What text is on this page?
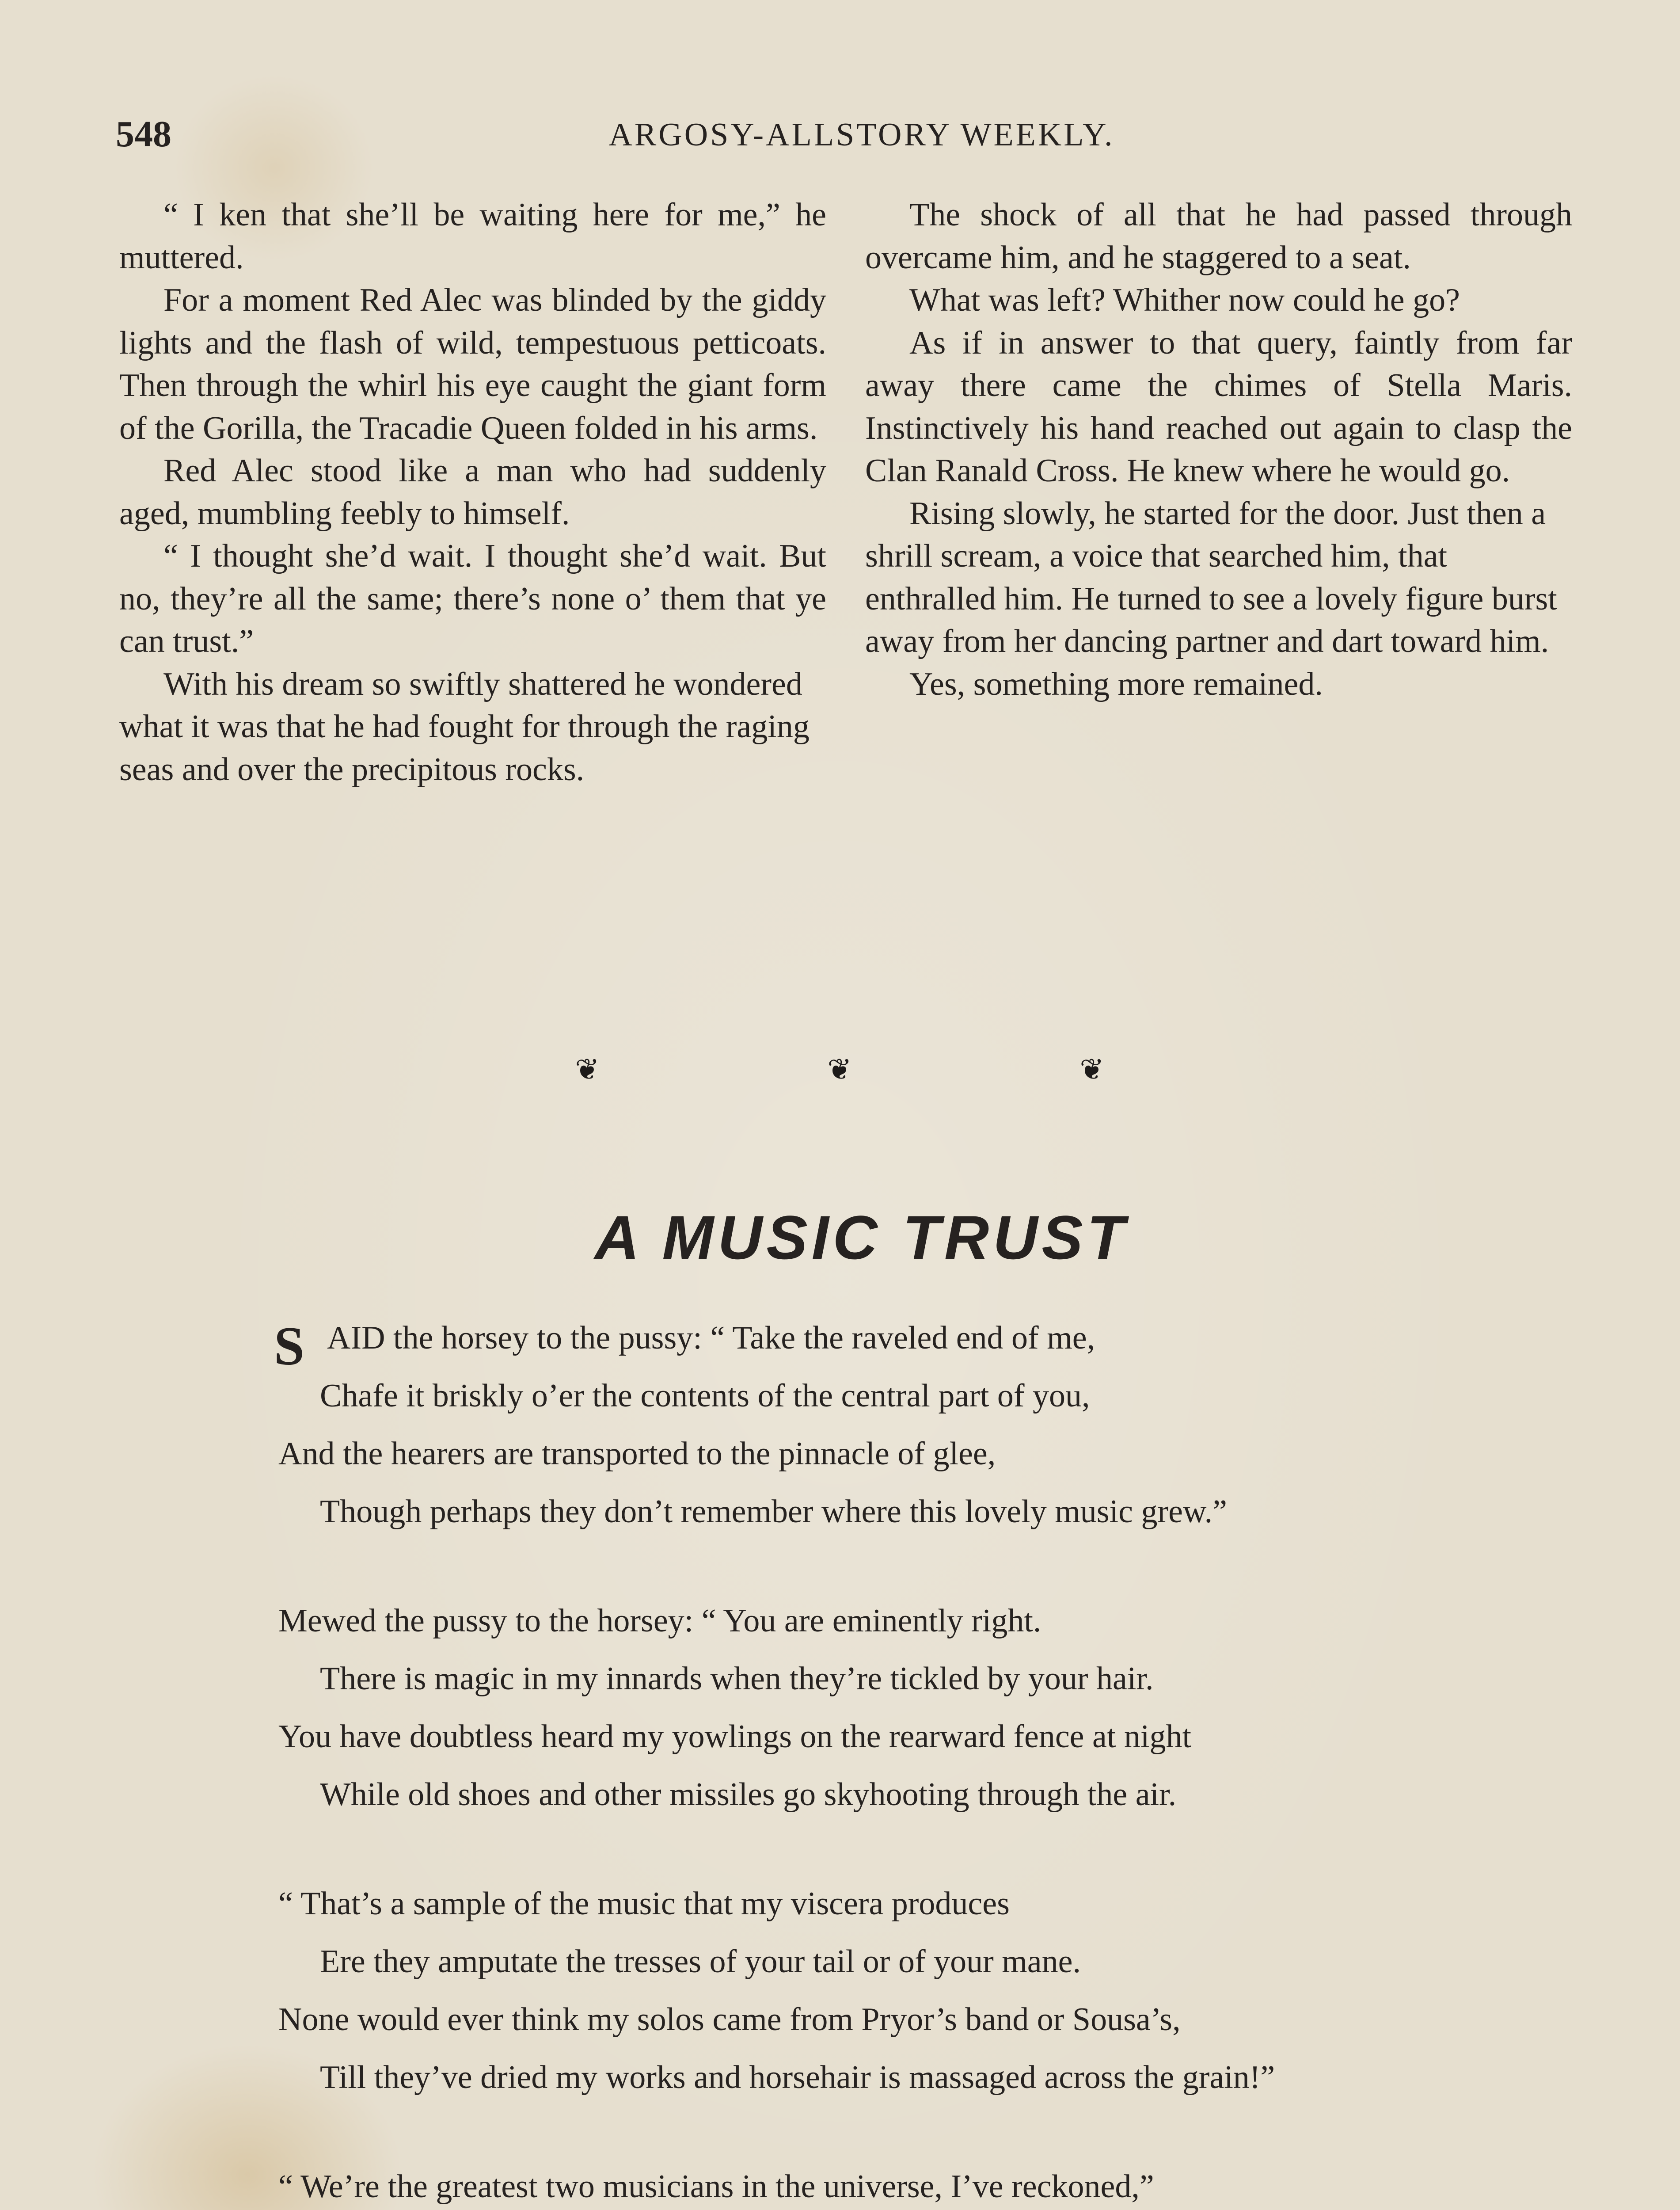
548	ARGOSY-ALLSTORY WEEKLY.

“ I ken that she’ll be waiting here for me,” he muttered.

For a moment Red Alec was blinded by the giddy lights and the flash of wild, tempestuous petticoats. Then through the whirl his eye caught the giant form of the Gorilla, the Tracadie Queen folded in his arms.

Red Alec stood like a man who had suddenly aged, mumbling feebly to himself.

“ I thought she’d wait. I thought she’d wait. But no, they’re all the same; there’s none o’ them that ye can trust.”

With his dream so swiftly shattered he wondered what it was that he had fought for through the raging seas and over the precipitous rocks.

The shock of all that he had passed through overcame him, and he staggered to a seat.

What was left? Whither now could he go?

As if in answer to that query, faintly from far away there came the chimes of Stella Maris. Instinctively his hand reached out again to clasp the Clan Ranald Cross. He knew where he would go.

Rising slowly, he started for the door. Just then a shrill scream, a voice that searched him, that enthralled him. He turned to see a lovely figure burst away from her dancing partner and dart toward him.

Yes, something more remained.

❦	❦	❦
A MUSIC TRUST
S AID the horsey to the pussy: “ Take the raveled end of me,
Chafe it briskly o’er the contents of the central part of you,
And the hearers are transported to the pinnacle of glee,
Though perhaps they don’t remember where this lovely music grew.”
Mewed the pussy to the horsey: “ You are eminently right.
There is magic in my innards when they’re tickled by your hair.
You have doubtless heard my yowlings on the rearward fence at night
While old shoes and other missiles go skyhooting through the air.
“ That’s a sample of the music that my viscera produces
Ere they amputate the tresses of your tail or of your mane.
None would ever think my solos came from Pryor’s band or Sousa’s,
Till they’ve dried my works and horsehair is massaged across the grain!”
“ We’re the greatest two musicians in the universe, I’ve reckoned,”
